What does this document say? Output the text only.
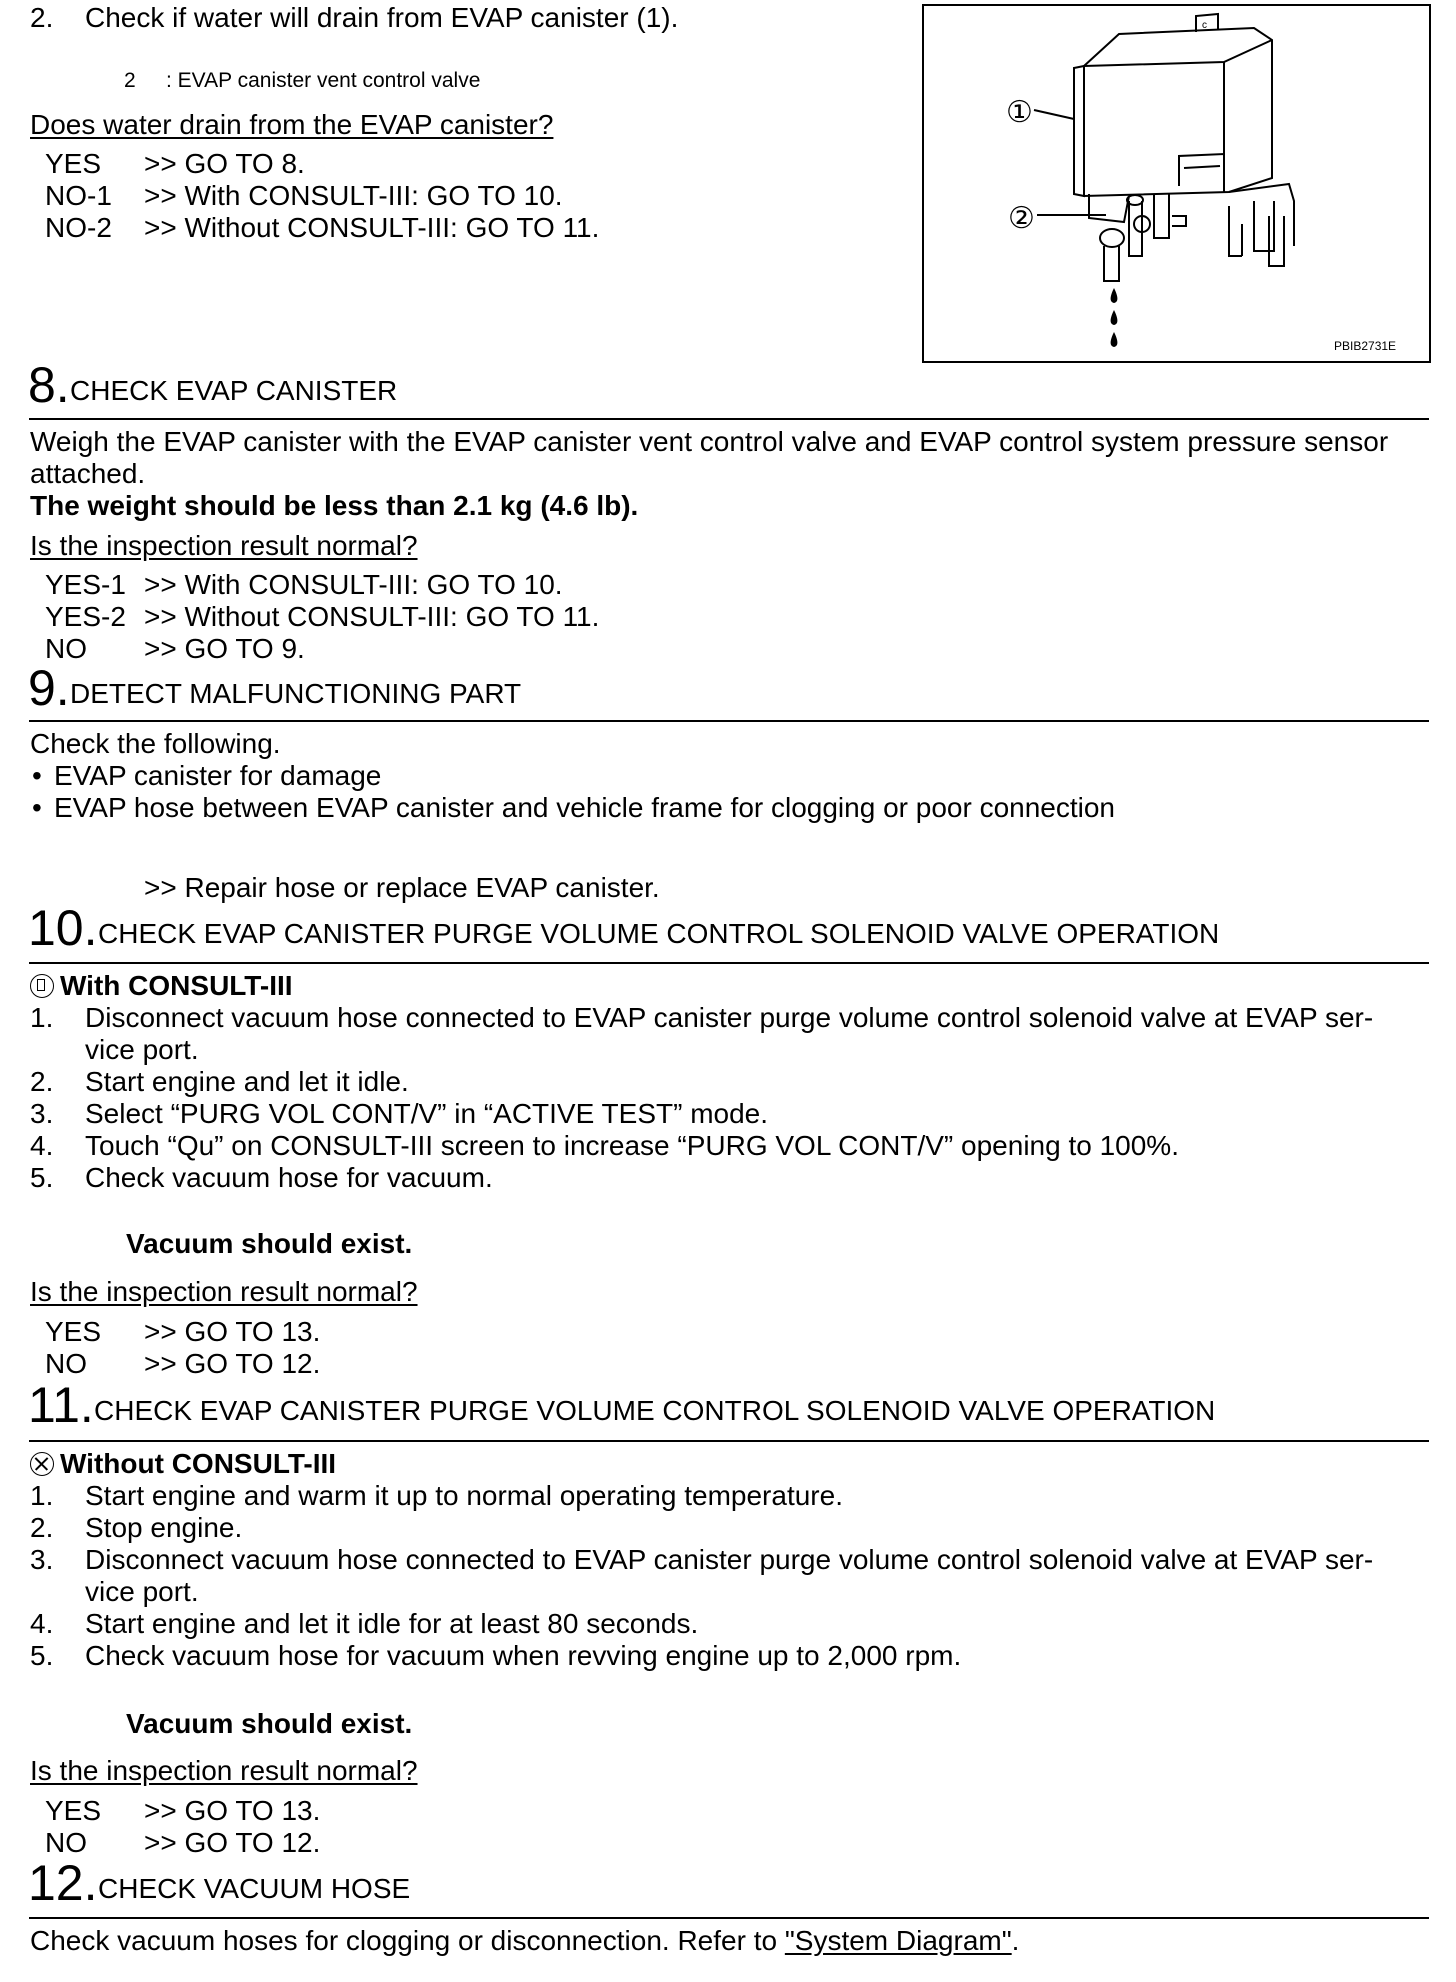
2. Check if water will drain from EVAP canister (1).
2 : EVAP canister vent control valve
Does water drain from the EVAP canister?
YES >> GO TO 8.
NO-1 >> With CONSULT-III: GO TO 10.
NO-2 >> Without CONSULT-III: GO TO 11.
c
①
②
PBIB2731E
8. CHECK EVAP CANISTER
Weigh the EVAP canister with the EVAP canister vent control valve and EVAP control system pressure sensor
attached.
The weight should be less than 2.1 kg (4.6 lb).
Is the inspection result normal?
YES-1 >> With CONSULT-III: GO TO 10.
YES-2 >> Without CONSULT-III: GO TO 11.
NO >> GO TO 9.
9. DETECT MALFUNCTIONING PART
Check the following.
• EVAP canister for damage
• EVAP hose between EVAP canister and vehicle frame for clogging or poor connection
>> Repair hose or replace EVAP canister.
10. CHECK EVAP CANISTER PURGE VOLUME CONTROL SOLENOID VALVE OPERATION
With CONSULT-III
1. Disconnect vacuum hose connected to EVAP canister purge volume control solenoid valve at EVAP ser-
vice port.
2. Start engine and let it idle.
3. Select “PURG VOL CONT/V” in “ACTIVE TEST” mode.
4. Touch “Qu” on CONSULT-III screen to increase “PURG VOL CONT/V” opening to 100%.
5. Check vacuum hose for vacuum.
Vacuum should exist.
Is the inspection result normal?
YES >> GO TO 13.
NO >> GO TO 12.
11. CHECK EVAP CANISTER PURGE VOLUME CONTROL SOLENOID VALVE OPERATION
Without CONSULT-III
1. Start engine and warm it up to normal operating temperature.
2. Stop engine.
3. Disconnect vacuum hose connected to EVAP canister purge volume control solenoid valve at EVAP ser-
vice port.
4. Start engine and let it idle for at least 80 seconds.
5. Check vacuum hose for vacuum when revving engine up to 2,000 rpm.
Vacuum should exist.
Is the inspection result normal?
YES >> GO TO 13.
NO >> GO TO 12.
12. CHECK VACUUM HOSE
Check vacuum hoses for clogging or disconnection. Refer to "System Diagram".
